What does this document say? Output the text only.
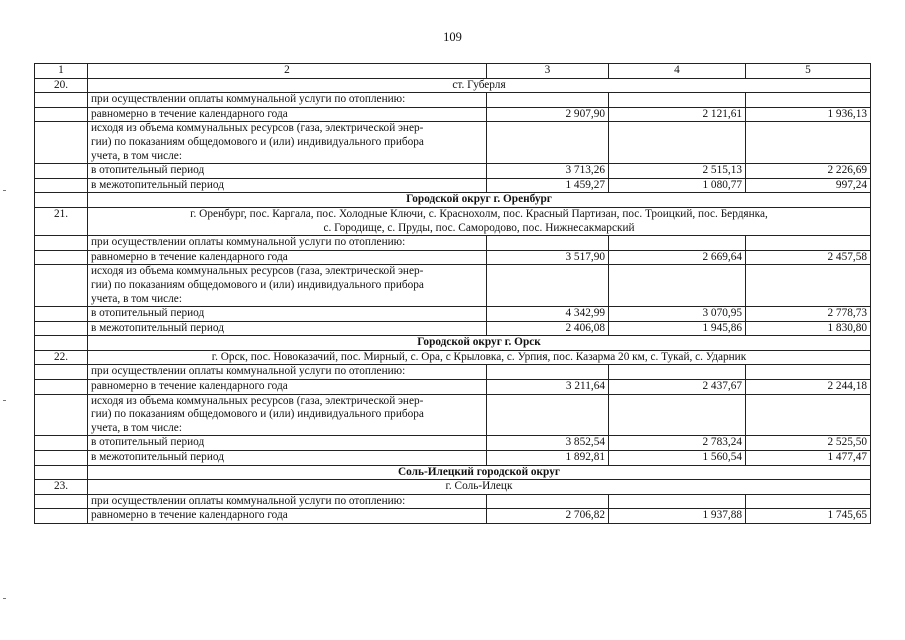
109
1	2	3	4	5
20.	ст. Губерля			
	при осуществлении оплаты коммунальной услуги по отоплению:			
	равномерно в течение календарного года	2 907,90	2 121,61	1 936,13
	исходя из объема коммунальных ресурсов (газа, электрической энер-
гии) по показаниям общедомового и (или) индивидуального прибора
учета, в том числе:			
	в отопительный период	3 713,26	2 515,13	2 226,69
	в межотопительный период	1 459,27	1 080,77	997,24
	Городской округ г. Оренбург			
21.	г. Оренбург, пос. Каргала, пос. Холодные Ключи, с. Краснохолм, пос. Красный Партизан, пос. Троицкий, пос. Бердянка,
с. Городище, с. Пруды, пос. Самородово, пос. Нижнесакмарский			
	при осуществлении оплаты коммунальной услуги по отоплению:			
	равномерно в течение календарного года	3 517,90	2 669,64	2 457,58
	исходя из объема коммунальных ресурсов (газа, электрической энер-
гии) по показаниям общедомового и (или) индивидуального прибора
учета, в том числе:			
	в отопительный период	4 342,99	3 070,95	2 778,73
	в межотопительный период	2 406,08	1 945,86	1 830,80
	Городской округ г. Орск			
22.	г. Орск, пос. Новоказачий, пос. Мирный, с. Ора, с Крыловка, с. Урпия, пос. Казарма 20 км, с. Тукай, с. Ударник			
	при осуществлении оплаты коммунальной услуги по отоплению:			
	равномерно в течение календарного года	3 211,64	2 437,67	2 244,18
	исходя из объема коммунальных ресурсов (газа, электрической энер-
гии) по показаниям общедомового и (или) индивидуального прибора
учета, в том числе:			
	в отопительный период	3 852,54	2 783,24	2 525,50
	в межотопительный период	1 892,81	1 560,54	1 477,47
	Соль-Илецкий городской округ			
23.	г. Соль-Илецк			
	при осуществлении оплаты коммунальной услуги по отоплению:			
	равномерно в течение календарного года	2 706,82	1 937,88	1 745,65
